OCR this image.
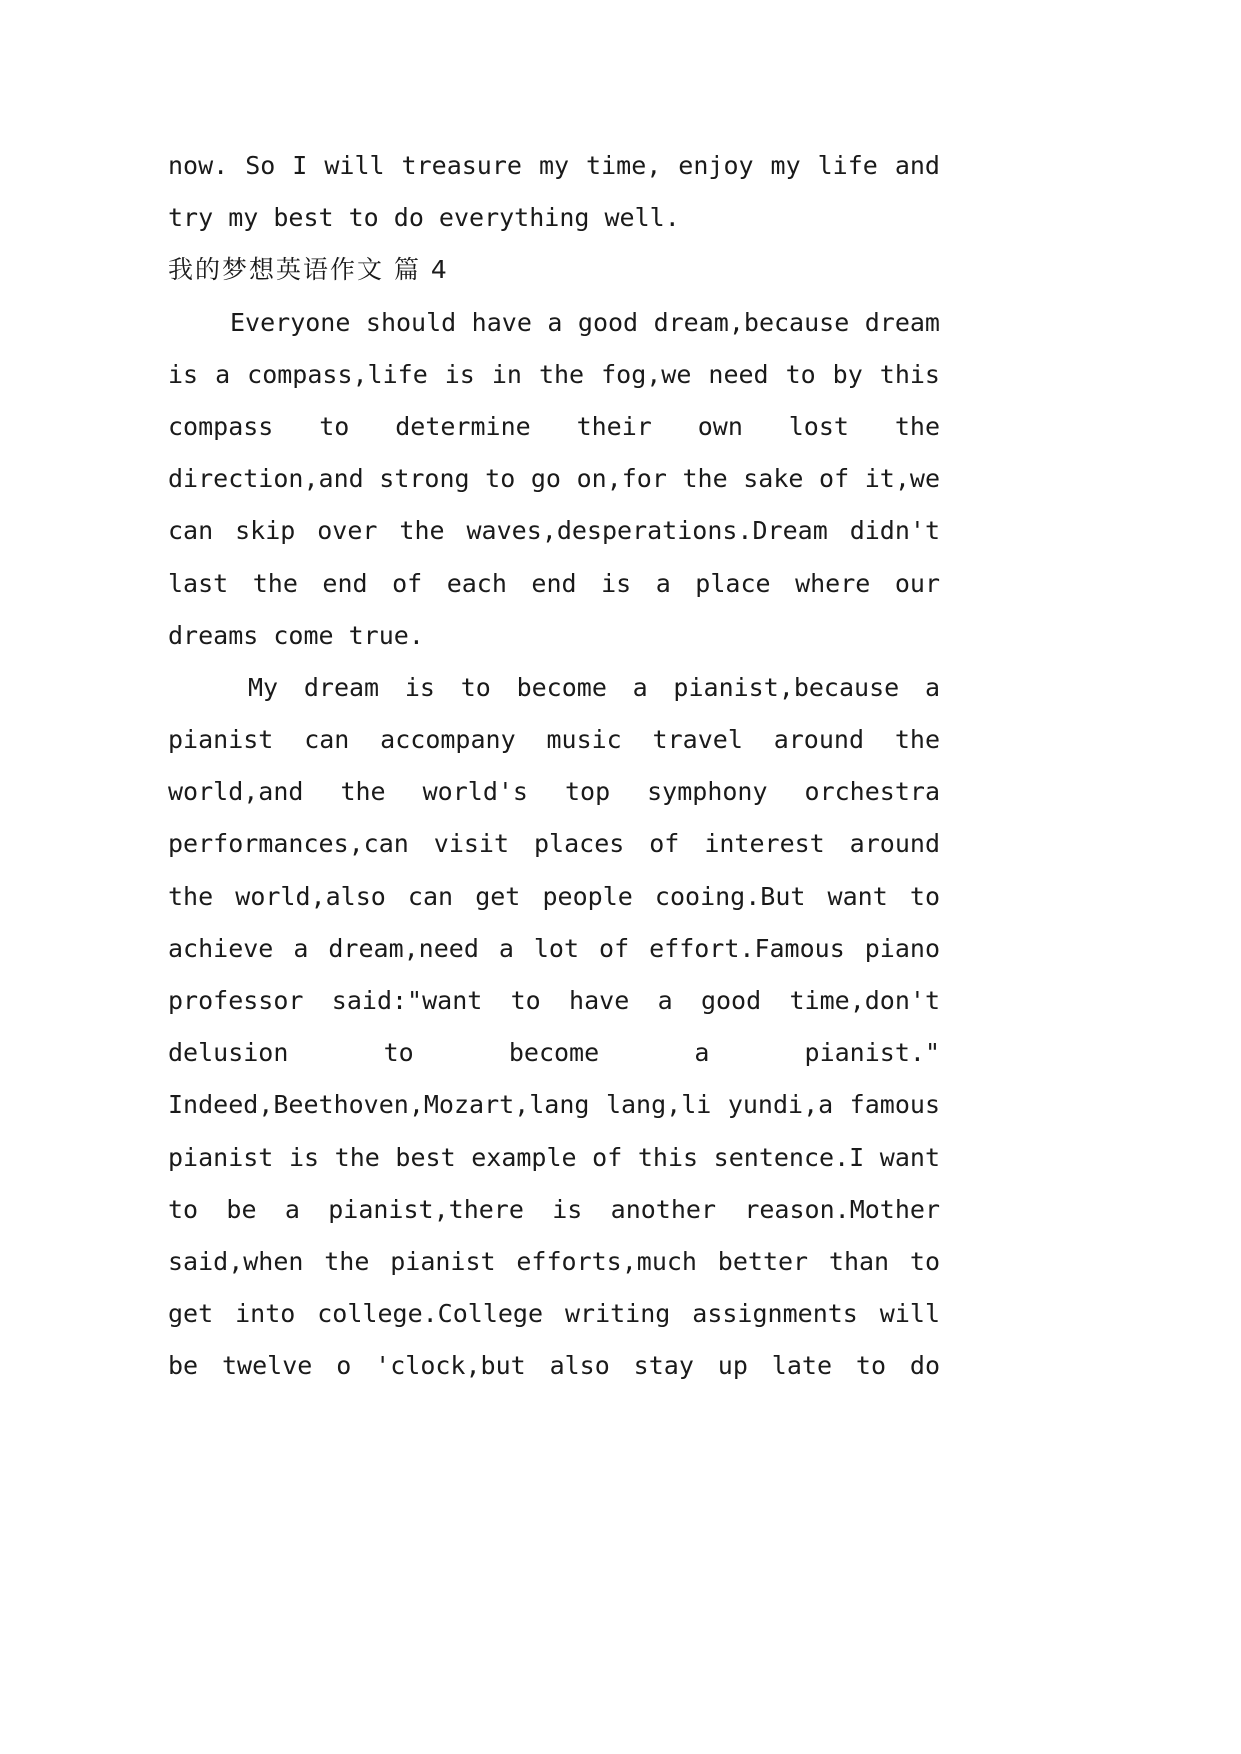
now. So I will treasure my time, enjoy my life and
try my best to do everything well.
我的梦想英语作文 篇 4
Everyone should have a good dream,because dream
is a compass,life is in the fog,we need to by this
compass to determine their own lost the
direction,and strong to go on,for the sake of it,we
can skip over the waves,desperations.Dream didn't
last the end of each end is a place where our
dreams come true.
My dream is to become a pianist,because a
pianist can accompany music travel around the
world,and the world's top symphony orchestra
performances,can visit places of interest around
the world,also can get people cooing.But want to
achieve a dream,need a lot of effort.Famous piano
professor said:"want to have a good time,don't
delusion to become a pianist."
Indeed,Beethoven,Mozart,lang lang,li yundi,a famous
pianist is the best example of this sentence.I want
to be a pianist,there is another reason.Mother
said,when the pianist efforts,much better than to
get into college.College writing assignments will
be twelve o 'clock,but also stay up late to do
